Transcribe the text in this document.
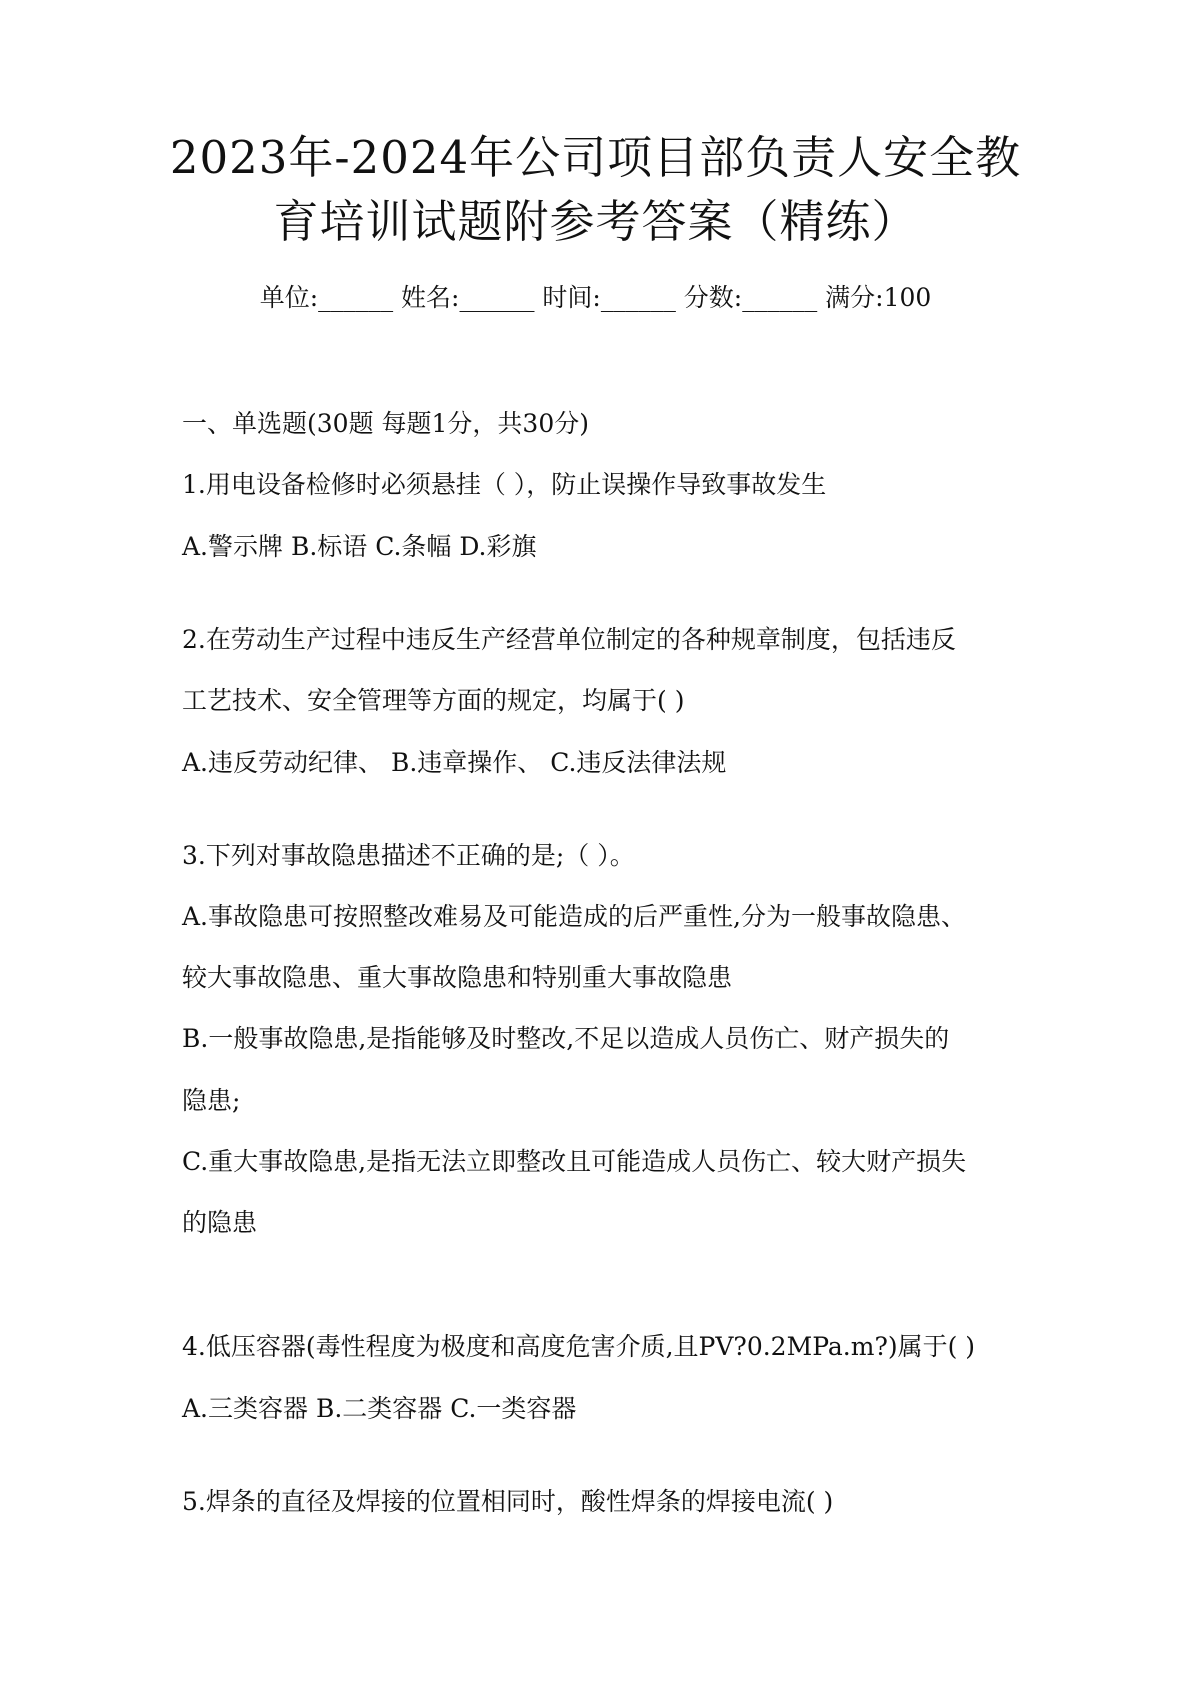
2023年-2024年公司项目部负责人安全教
育培训试题附参考答案（精练）
单位:______ 姓名:______ 时间:______ 分数:______ 满分:100
一、单选题(30题 每题1分，共30分)
1.用电设备检修时必须悬挂（ ），防止误操作导致事故发生
A.警示牌 B.标语 C.条幅 D.彩旗
2.在劳动生产过程中违反生产经营单位制定的各种规章制度，包括违反
工艺技术、安全管理等方面的规定，均属于( )
A.违反劳动纪律、 B.违章操作、 C.违反法律法规
3.下列对事故隐患描述不正确的是;（ ）。
A.事故隐患可按照整改难易及可能造成的后严重性,分为一般事故隐患、
较大事故隐患、重大事故隐患和特别重大事故隐患
B.一般事故隐患,是指能够及时整改,不足以造成人员伤亡、财产损失的
隐患;
C.重大事故隐患,是指无法立即整改且可能造成人员伤亡、较大财产损失
的隐患
4.低压容器(毒性程度为极度和高度危害介质,且PV?0.2MPa.m?)属于( )
A.三类容器 B.二类容器 C.一类容器
5.焊条的直径及焊接的位置相同时，酸性焊条的焊接电流( )
